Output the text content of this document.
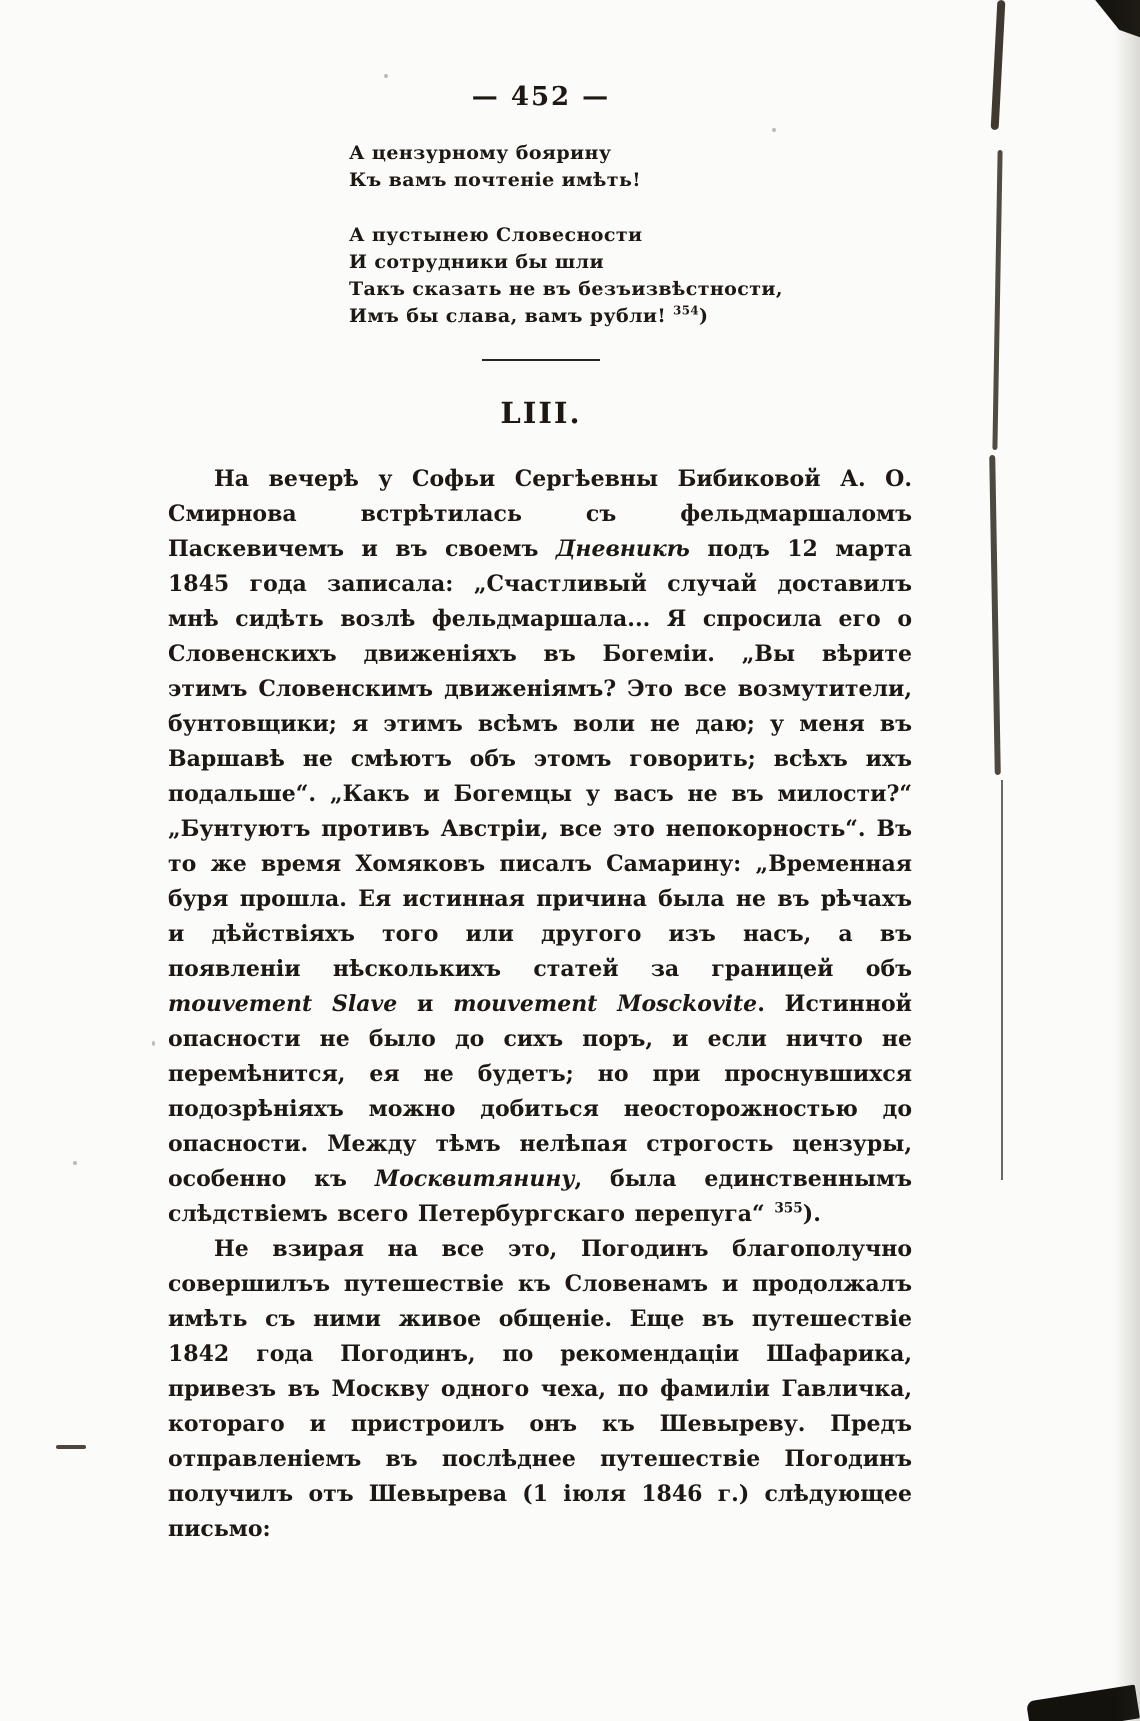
— 452 —
А цензурному боярину
Къ вамъ почтеніе имѣть!
А пустынею Словесности
И сотрудники бы шли
Такъ сказать не въ безъизвѣстности,
Имъ бы слава, вамъ рубли! $^{354}$)
LIII.

На вечерѣ у Софьи Сергѣевны Бибиковой А. О. Смирнова встрѣтилась съ фельдмаршаломъ Паскевичемъ и въ своемъ Дневникѣ подъ 12 марта 1845 года записала: „Счастливый случай доставилъ мнѣ сидѣть возлѣ фельдмаршала... Я спросила его о Словенскихъ движеніяхъ въ Богеміи. „Вы вѣрите этимъ Словенскимъ движеніямъ? Это все возмутители, бунтовщики; я этимъ всѣмъ воли не даю; у меня въ Варшавѣ не смѣютъ объ этомъ говорить; всѣхъ ихъ подальше“. „Какъ и Богемцы у васъ не въ милости?“ „Бунтуютъ противъ Австріи, все это непокорность“. Въ то же время Хомяковъ писалъ Самарину: „Временная буря прошла. Ея истинная причина была не въ рѣчахъ и дѣйствіяхъ того или другого изъ насъ, а въ появленіи нѣсколькихъ статей за границей объ mouvement Slave и mouvement Mosckovite. Истинной опасности не было до сихъ поръ, и если ничто не перемѣнится, ея не будетъ; но при проснувшихся подозрѣніяхъ можно добиться неосторожностью до опасности. Между тѣмъ нелѣпая строгость цензуры, особенно къ Москвитянину, была единственнымъ слѣдствіемъ всего Петербургскаго перепуга“ $^{355}$).

Не взирая на все это, Погодинъ благополучно совершилъъ путешествіе къ Словенамъ и продолжалъ имѣть съ ними живое общеніе. Еще въ путешествіе 1842 года Погодинъ, по рекомендаціи Шафарика, привезъ въ Москву одного чеха, по фамиліи Гавличка, котораго и пристроилъ онъ къ Шевыреву. Предъ отправленіемъ въ послѣднее путешествіе Погодинъ получилъ отъ Шевырева (1 іюля 1846 г.) слѣдующее письмо:
